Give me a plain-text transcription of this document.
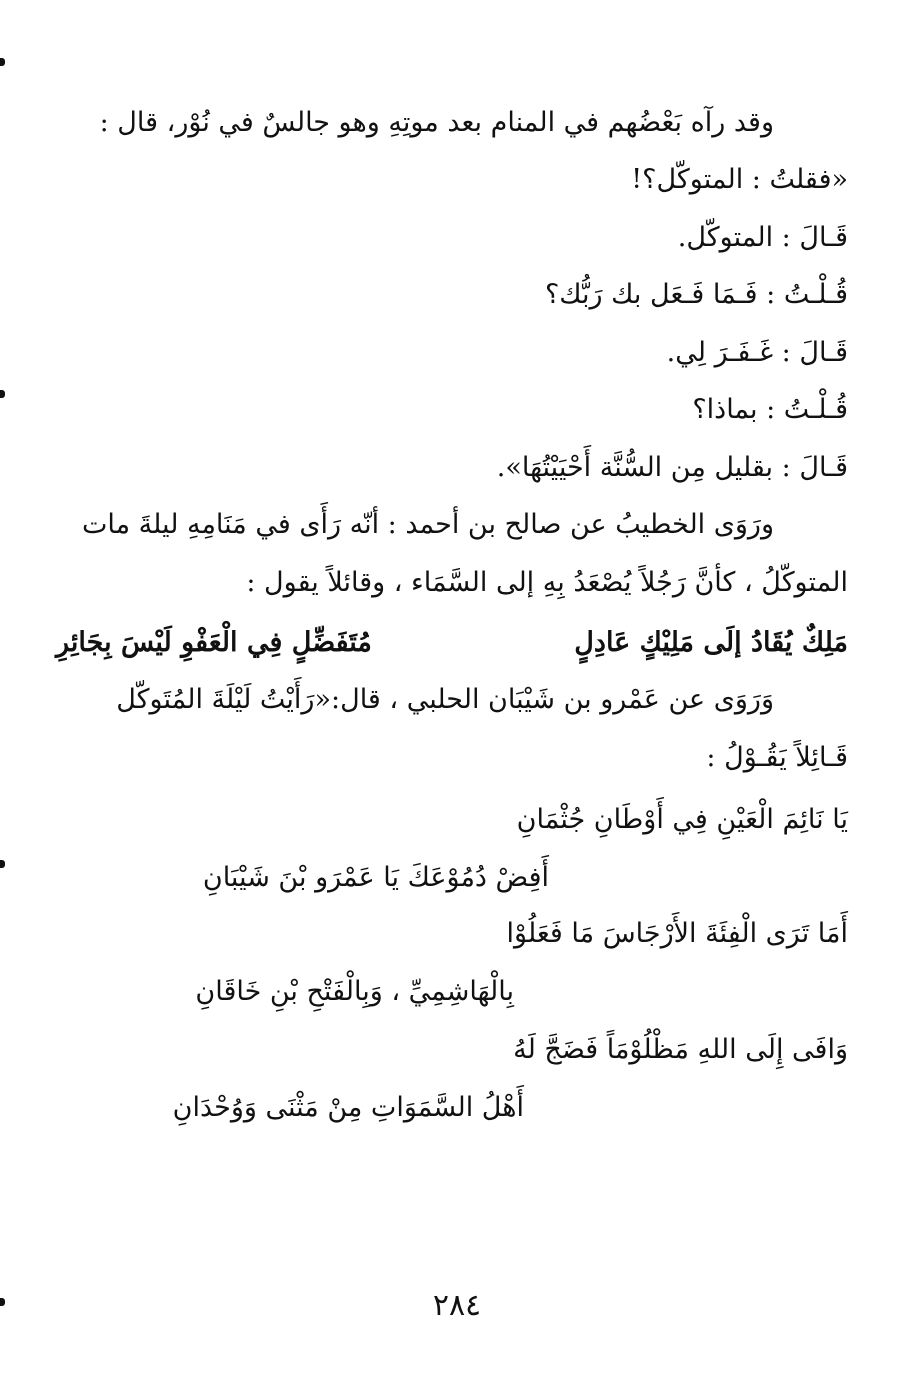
وقد رآه بَعْضُهم في المنام بعد موتِهِ وهو جالسٌ في نُوْر، قال :
«فقلتُ : المتوكّل؟!
قَـالَ : المتوكّل.
قُـلْـتُ : فَـمَا فَـعَل بك رَبُّك؟
قَـالَ : غَـفَـرَ لِي.
قُـلْـتُ : بماذا؟
قَـالَ : بقليل مِن السُّنَّة أَحْيَيْتُهَا».
ورَوَى الخطيبُ عن صالح بن أحمد : أنّه رَأَى في مَنَامِهِ ليلةَ مات
المتوكّلُ ، كأنَّ رَجُلاً يُصْعَدُ بِهِ إلى السَّمَاء ، وقائلاً يقول :
مَلِكٌ يُقَادُ إلَى مَلِيْكٍ عَادِلٍ
مُتَفَضِّلٍ فِي الْعَفْوِ لَيْسَ بِجَائِرِ
وَرَوَى عن عَمْرو بن شَيْبَان الحلبي ، قال:«رَأَيْتُ لَيْلَةَ المُتَوكّل
قَـائِلاً يَقُـوْلُ :
يَا نَائِمَ الْعَيْنِ فِي أَوْطَانِ جُثْمَانِ
أَفِضْ دُمُوْعَكَ يَا عَمْرَو بْنَ شَيْبَانِ
أَمَا تَرَى الْفِئَةَ الأَرْجَاسَ مَا فَعَلُوْا
بِالْهَاشِمِيِّ ، وَبِالْفَتْحِ بْنِ خَاقَانِ
وَافَى إِلَى اللهِ مَظْلُوْمَاً فَضَجَّ لَهُ
أَهْلُ السَّمَوَاتِ مِنْ مَثْنَى وَوُحْدَانِ
٢٨٤
